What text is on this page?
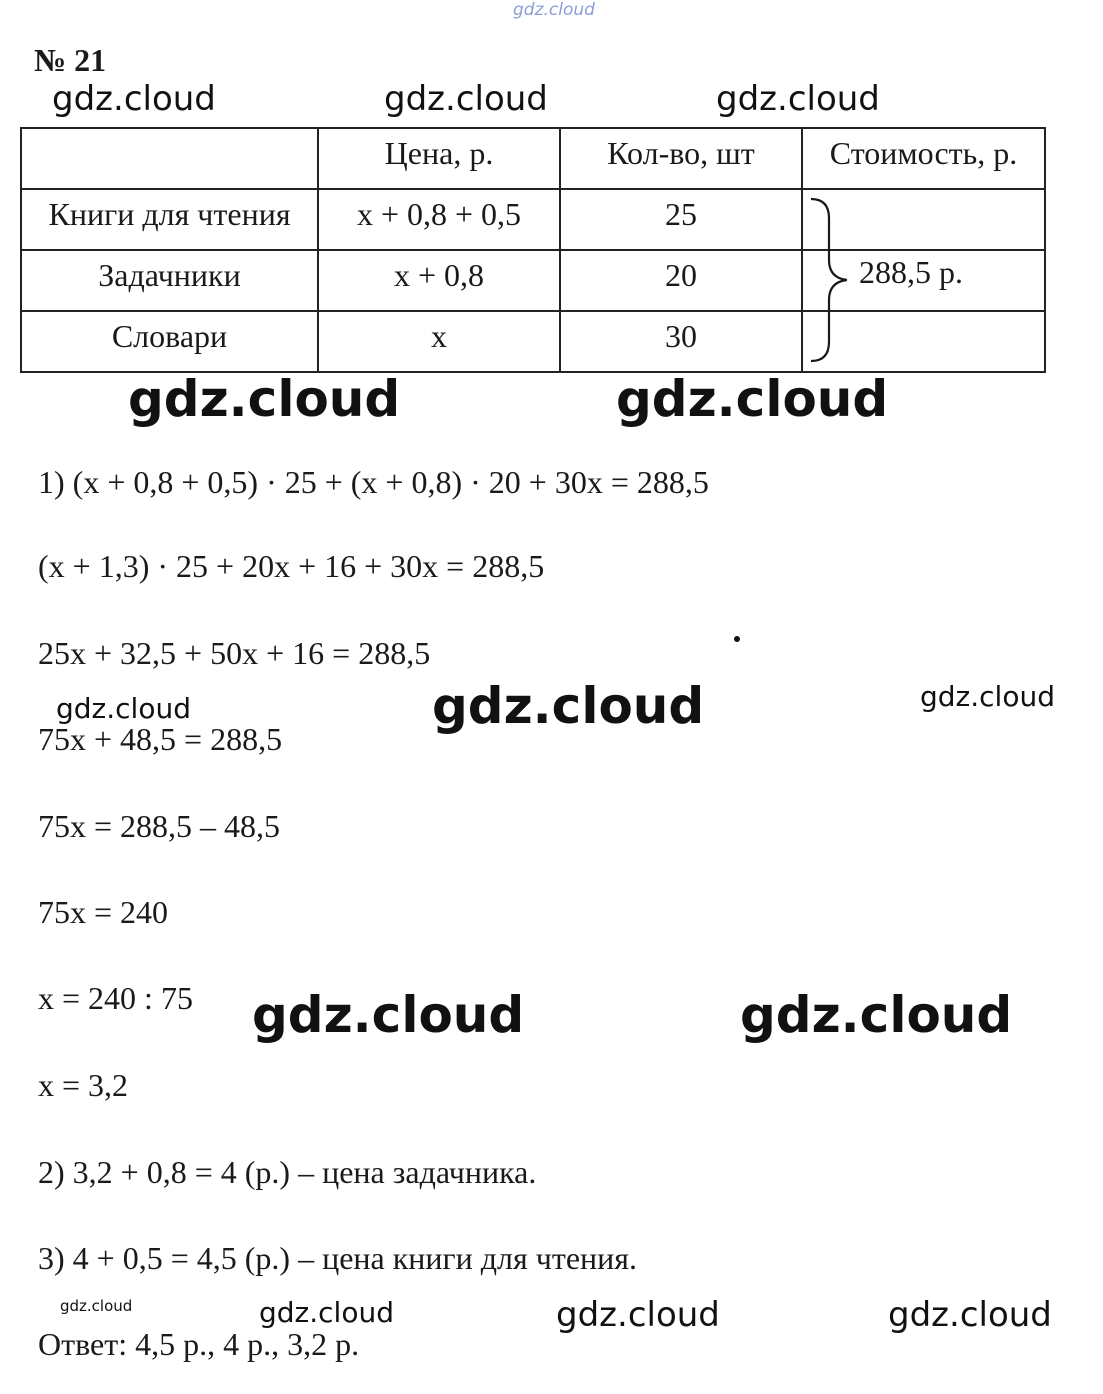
gdz.cloud
gdz.cloud	gdz.cloud	gdz.cloud
gdz.cloud	gdz.cloud
gdz.cloud	gdz.cloud	gdz.cloud
gdz.cloud	gdz.cloud
gdz.cloud	gdz.cloud	gdz.cloud	gdz.cloud
№ 21
	Цена, р.	Кол-во, шт	Стоимость, р.
Книги для чтения	x + 0,8 + 0,5	25	288,5 р.

Задачники	x + 0,8	20	
Словари	x	30	
1) (x + 0,8 + 0,5) · 25 + (x + 0,8) · 20 + 30x = 288,5
(x + 1,3) · 25 + 20x + 16 + 30x = 288,5
25x + 32,5 + 50x + 16 = 288,5
75x + 48,5 = 288,5
75x = 288,5 – 48,5
75x = 240
x = 240 : 75
x = 3,2
2) 3,2 + 0,8 = 4 (р.) – цена задачника.
3) 4 + 0,5 = 4,5 (р.) – цена книги для чтения.
Ответ: 4,5 р., 4 р., 3,2 р.
